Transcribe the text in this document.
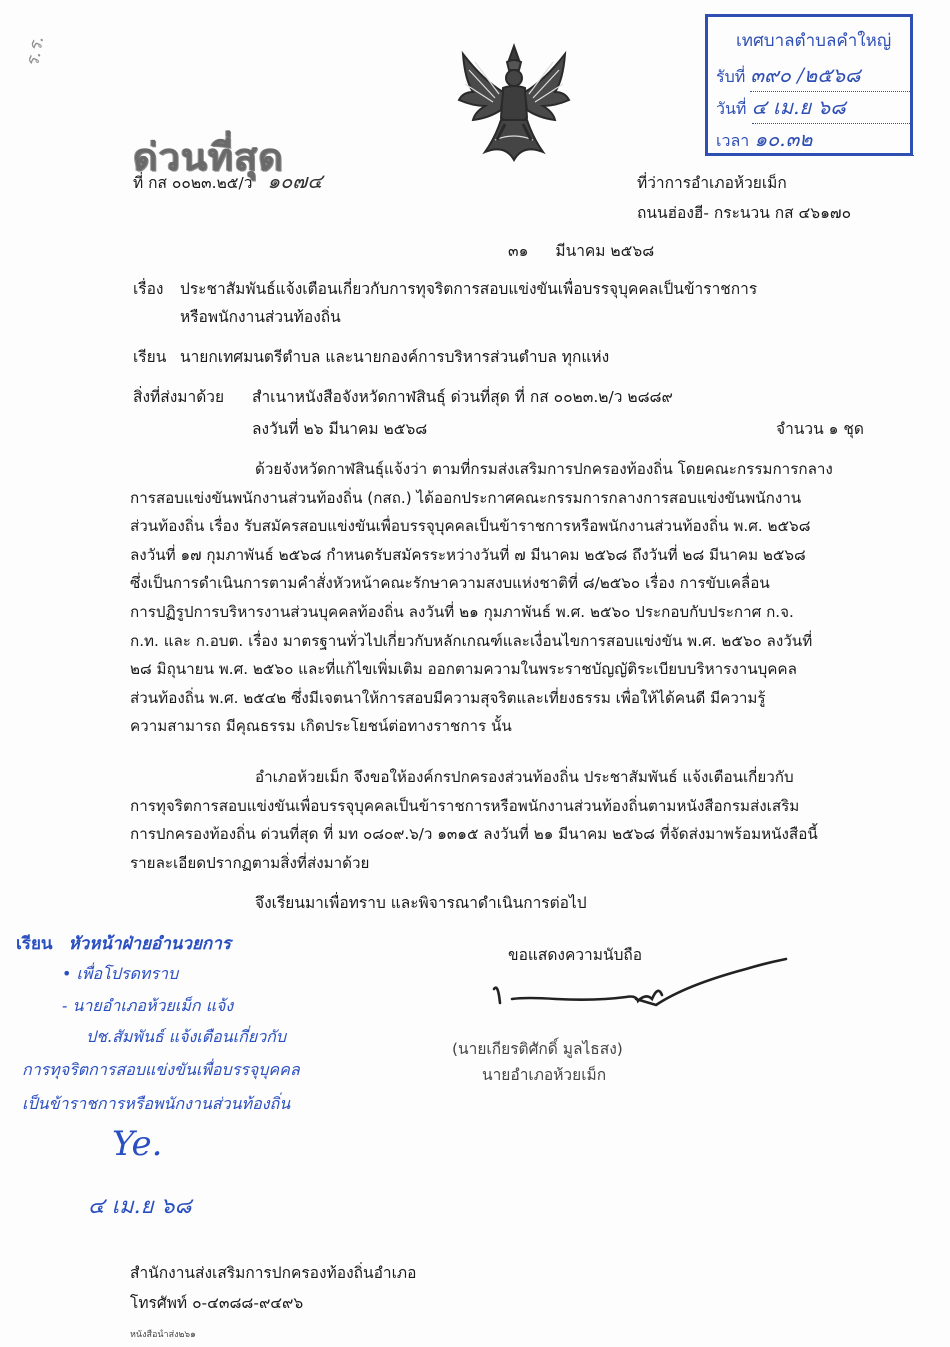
ร.ร.
ด่วนที่สุด
เทศบาลตำบลคำใหญ่
รับที่ ๓๙๐ /๒๕๖๘
วันที่ ๔ เม.ย ๖๘
เวลา ๑๐.๓๒
ที่ กส ๐๐๒๓.๒๕/ว ๑๐๗๔	ที่ว่าการอำเภอห้วยเม็ก
ถนนฮ่องฮี- กระนวน กส ๔๖๑๗๐
๓๑ มีนาคม ๒๕๖๘
เรื่อง ประชาสัมพันธ์แจ้งเตือนเกี่ยวกับการทุจริตการสอบแข่งขันเพื่อบรรจุบุคคลเป็นข้าราชการ
หรือพนักงานส่วนท้องถิ่น
เรียน นายกเทศมนตรีตำบล และนายกองค์การบริหารส่วนตำบล ทุกแห่ง
สิ่งที่ส่งมาด้วย สำเนาหนังสือจังหวัดกาฬสินธุ์ ด่วนที่สุด ที่ กส ๐๐๒๓.๒/ว ๒๘๘๙
ลงวันที่ ๒๖ มีนาคม ๒๕๖๘	จำนวน ๑ ชุด
ด้วยจังหวัดกาฬสินธุ์แจ้งว่า ตามที่กรมส่งเสริมการปกครองท้องถิ่น โดยคณะกรรมการกลาง
การสอบแข่งขันพนักงานส่วนท้องถิ่น (กสถ.) ได้ออกประกาศคณะกรรมการกลางการสอบแข่งขันพนักงาน
ส่วนท้องถิ่น เรื่อง รับสมัครสอบแข่งขันเพื่อบรรจุบุคคลเป็นข้าราชการหรือพนักงานส่วนท้องถิ่น พ.ศ. ๒๕๖๘
ลงวันที่ ๑๗ กุมภาพันธ์ ๒๕๖๘ กำหนดรับสมัครระหว่างวันที่ ๗ มีนาคม ๒๕๖๘ ถึงวันที่ ๒๘ มีนาคม ๒๕๖๘
ซึ่งเป็นการดำเนินการตามคำสั่งหัวหน้าคณะรักษาความสงบแห่งชาติที่ ๘/๒๕๖๐ เรื่อง การขับเคลื่อน
การปฏิรูปการบริหารงานส่วนบุคคลท้องถิ่น ลงวันที่ ๒๑ กุมภาพันธ์ พ.ศ. ๒๕๖๐ ประกอบกับประกาศ ก.จ.
ก.ท. และ ก.อบต. เรื่อง มาตรฐานทั่วไปเกี่ยวกับหลักเกณฑ์และเงื่อนไขการสอบแข่งขัน พ.ศ. ๒๕๖๐ ลงวันที่
๒๘ มิถุนายน พ.ศ. ๒๕๖๐ และที่แก้ไขเพิ่มเติม ออกตามความในพระราชบัญญัติระเบียบบริหารงานบุคคล
ส่วนท้องถิ่น พ.ศ. ๒๕๔๒ ซึ่งมีเจตนาให้การสอบมีความสุจริตและเที่ยงธรรม เพื่อให้ได้คนดี มีความรู้
ความสามารถ มีคุณธรรม เกิดประโยชน์ต่อทางราชการ นั้น
อำเภอห้วยเม็ก จึงขอให้องค์กรปกครองส่วนท้องถิ่น ประชาสัมพันธ์ แจ้งเตือนเกี่ยวกับ
การทุจริตการสอบแข่งขันเพื่อบรรจุบุคคลเป็นข้าราชการหรือพนักงานส่วนท้องถิ่นตามหนังสือกรมส่งเสริม
การปกครองท้องถิ่น ด่วนที่สุด ที่ มท ๐๘๐๙.๖/ว ๑๓๑๕ ลงวันที่ ๒๑ มีนาคม ๒๕๖๘ ที่จัดส่งมาพร้อมหนังสือนี้
รายละเอียดปรากฏตามสิ่งที่ส่งมาด้วย
จึงเรียนมาเพื่อทราบ และพิจารณาดำเนินการต่อไป
เรียน หัวหน้าฝ่ายอำนวยการ
• เพื่อโปรดทราบ
ขอแสดงความนับถือ
(นายเกียรติศักดิ์ มูลไธสง)
นายอำเภอห้วยเม็ก
- นายอำเภอห้วยเม็ก แจ้ง
ปช.สัมพันธ์ แจ้งเตือนเกี่ยวกับ
การทุจริตการสอบแข่งขันเพื่อบรรจุบุคคล
เป็นข้าราชการหรือพนักงานส่วนท้องถิ่น
Ye.
๔ เม.ย ๖๘
สำนักงานส่งเสริมการปกครองท้องถิ่นอำเภอ
โทรศัพท์ ๐-๔๓๘๘-๙๔๙๖
หนังสือนำส่ง๒๖๑
